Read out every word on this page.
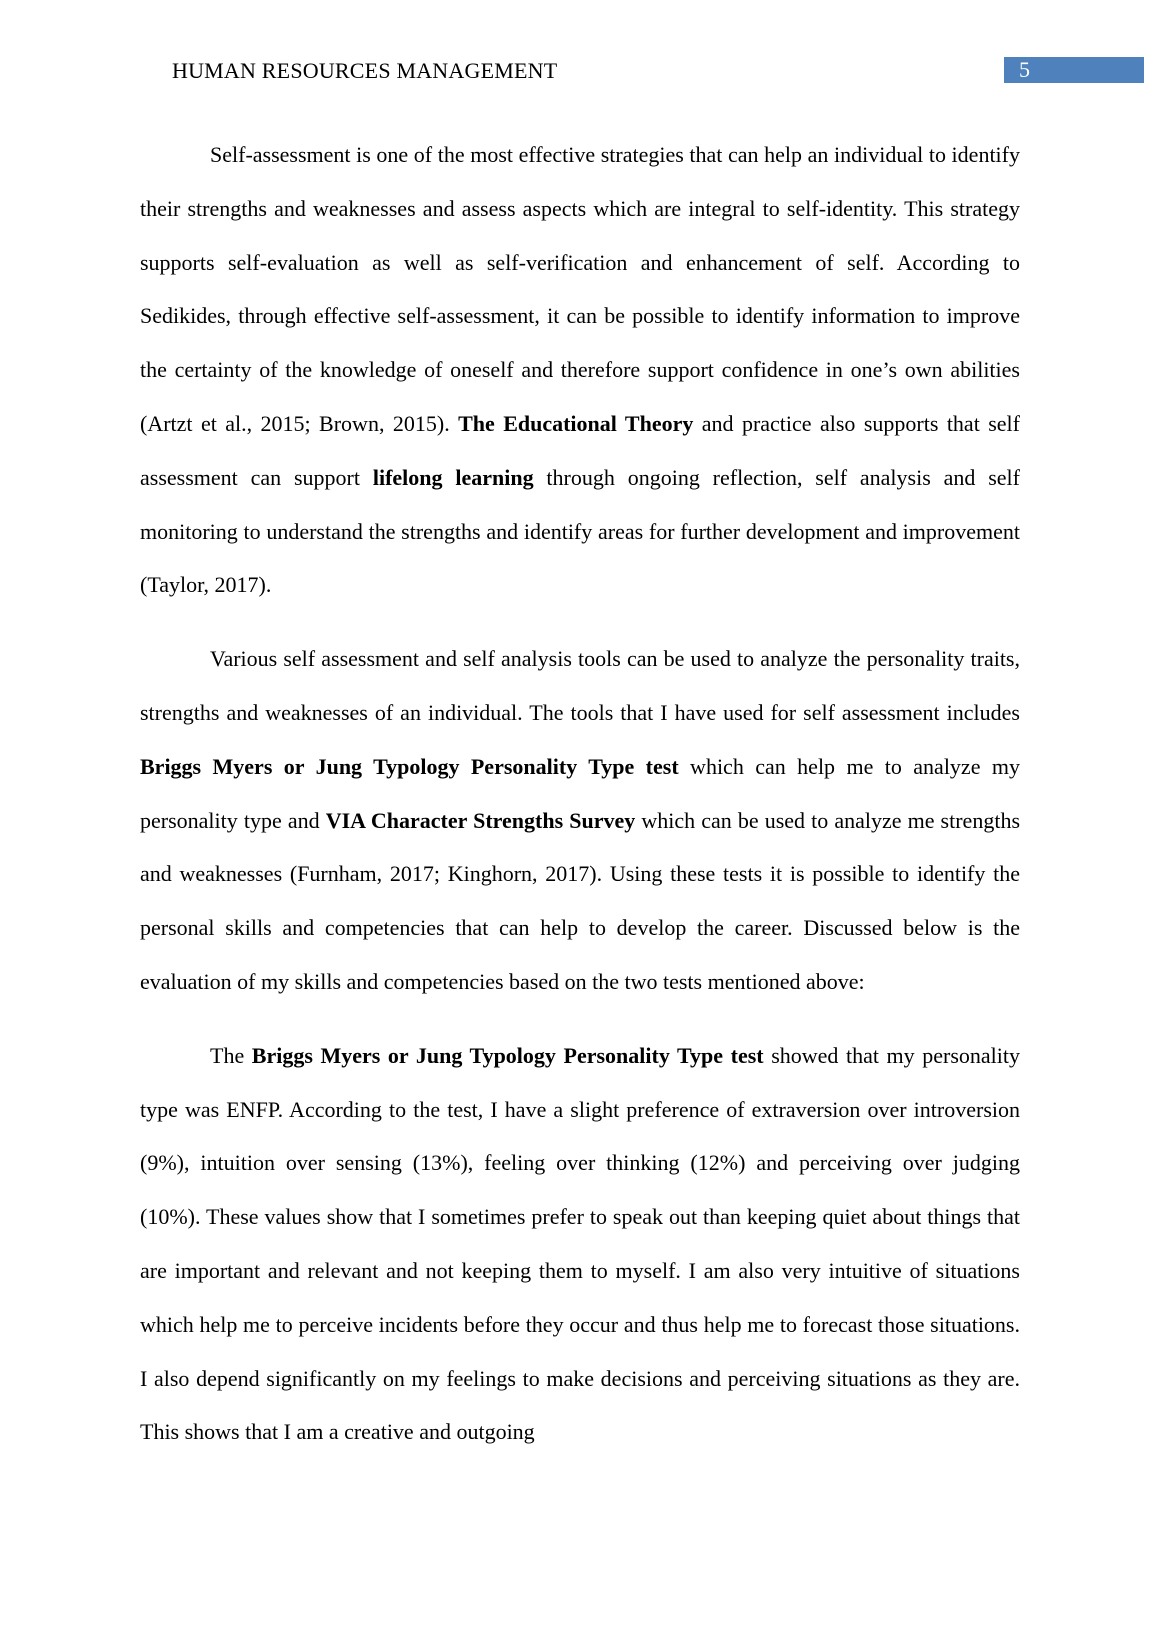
HUMAN RESOURCES MANAGEMENT	5

Self-assessment is one of the most effective strategies that can help an individual to identify their strengths and weaknesses and assess aspects which are integral to self-identity. This strategy supports self-evaluation as well as self-verification and enhancement of self. According to Sedikides, through effective self-assessment, it can be possible to identify information to improve the certainty of the knowledge of oneself and therefore support confidence in one’s own abilities (Artzt et al., 2015; Brown, 2015). The Educational Theory and practice also supports that self assessment can support lifelong learning through ongoing reflection, self analysis and self monitoring to understand the strengths and identify areas for further development and improvement (Taylor, 2017).

Various self assessment and self analysis tools can be used to analyze the personality traits, strengths and weaknesses of an individual. The tools that I have used for self assessment includes Briggs Myers or Jung Typology Personality Type test which can help me to analyze my personality type and VIA Character Strengths Survey which can be used to analyze me strengths and weaknesses (Furnham, 2017; Kinghorn, 2017). Using these tests it is possible to identify the personal skills and competencies that can help to develop the career. Discussed below is the evaluation of my skills and competencies based on the two tests mentioned above:

The Briggs Myers or Jung Typology Personality Type test showed that my personality type was ENFP. According to the test, I have a slight preference of extraversion over introversion (9%), intuition over sensing (13%), feeling over thinking (12%) and perceiving over judging (10%). These values show that I sometimes prefer to speak out than keeping quiet about things that are important and relevant and not keeping them to myself. I am also very intuitive of situations which help me to perceive incidents before they occur and thus help me to forecast those situations. I also depend significantly on my feelings to make decisions and perceiving situations as they are. This shows that I am a creative and outgoing
